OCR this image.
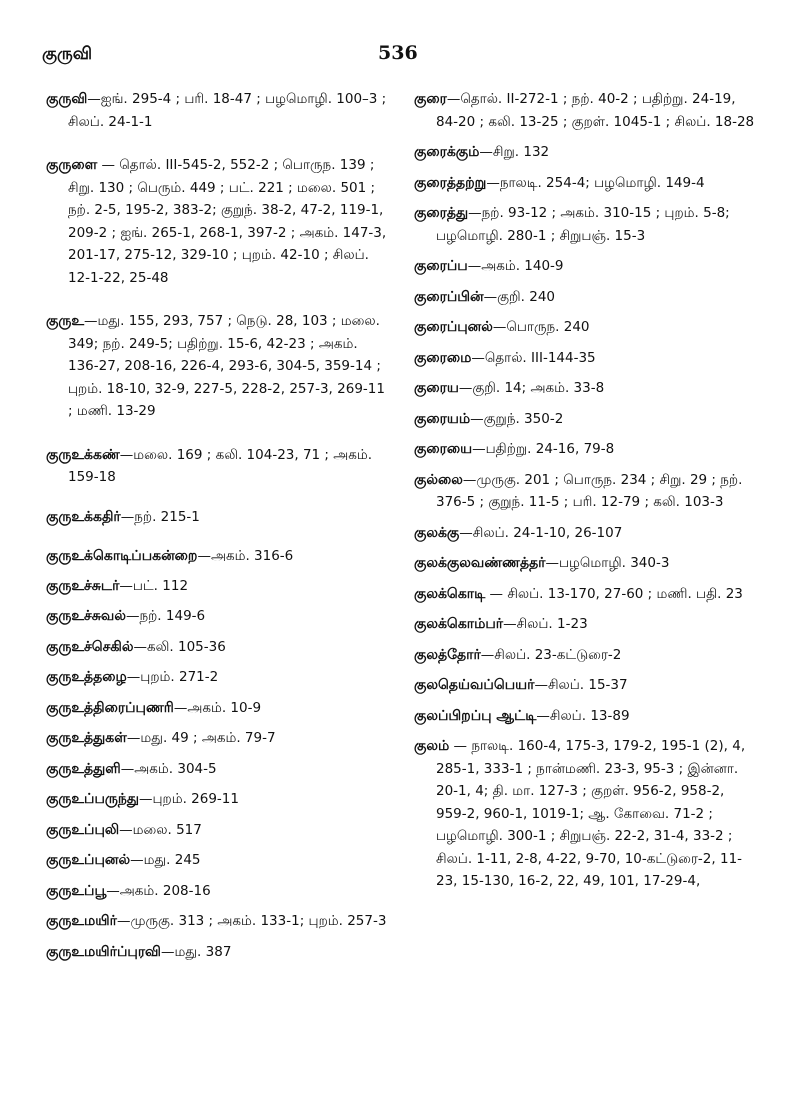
குருவி	536
குருவி—ஐங். 295-4 ; பரி. 18-47 ; பழமொழி. 100–3 ; சிலப். 24-1-1
குருளை — தொல். III-545-2, 552-2 ; பொருந. 139 ; சிறு. 130 ; பெரும். 449 ; பட். 221 ; மலை. 501 ; நற். 2-5, 195-2, 383-2; குறுந். 38-2, 47-2, 119-1, 209-2 ; ஐங். 265-1, 268-1, 397-2 ; அகம். 147-3, 201-17, 275-12, 329-10 ; புறம். 42-10 ; சிலப். 12-1-22, 25-48
குருஉ—மது. 155, 293, 757 ; நெடு. 28, 103 ; மலை. 349; நற். 249-5; பதிற்று. 15-6, 42-23 ; அகம். 136-27, 208-16, 226-4, 293-6, 304-5, 359-14 ; புறம். 18-10, 32-9, 227-5, 228-2, 257-3, 269-11 ; மணி. 13-29
குருஉக்கண்—மலை. 169 ; கலி. 104-23, 71 ; அகம். 159-18
குருஉக்கதிர்—நற். 215-1
குருஉக்கொடிப்பகன்றை—அகம். 316-6
குருஉச்சுடர்—பட். 112
குருஉச்சுவல்—நற். 149-6
குருஉச்செகில்—கலி. 105-36
குருஉத்தழை—புறம். 271-2
குருஉத்திரைப்புணரி—அகம். 10-9
குருஉத்துகள்—மது. 49 ; அகம். 79-7
குருஉத்துளி—அகம். 304-5
குருஉப்பருந்து—புறம். 269-11
குருஉப்புலி—மலை. 517
குருஉப்புனல்—மது. 245
குருஉப்பூ—அகம். 208-16
குருஉமயிர்—முருகு. 313 ; அகம். 133-1; புறம். 257-3
குருஉமயிர்ப்புரவி—மது. 387
குரை—தொல். II-272-1 ; நற். 40-2 ; பதிற்று. 24-19, 84-20 ; கலி. 13-25 ; குறள். 1045-1 ; சிலப். 18-28
குரைக்கும்—சிறு. 132
குரைத்தற்று—நாலடி. 254-4; பழமொழி. 149-4
குரைத்து—நற். 93-12 ; அகம். 310-15 ; புறம். 5-8; பழமொழி. 280-1 ; சிறுபஞ். 15-3
குரைப்ப—அகம். 140-9
குரைப்பின்—குறி. 240
குரைப்புனல்—பொருந. 240
குரைமை—தொல். III-144-35
குரைய—குறி. 14; அகம். 33-8
குரையம்—குறுந். 350-2
குரையை—பதிற்று. 24-16, 79-8
குல்லை—முருகு. 201 ; பொருந. 234 ; சிறு. 29 ; நற். 376-5 ; குறுந். 11-5 ; பரி. 12-79 ; கலி. 103-3
குலக்கு—சிலப். 24-1-10, 26-107
குலக்குலவண்ணத்தர்—பழமொழி. 340-3
குலக்கொடி — சிலப். 13-170, 27-60 ; மணி. பதி. 23
குலக்கொம்பர்—சிலப். 1-23
குலத்தோர்—சிலப். 23-கட்டுரை-2
குலதெய்வப்பெயர்—சிலப். 15-37
குலப்பிறப்பு ஆட்டி—சிலப். 13-89
குலம் — நாலடி. 160-4, 175-3, 179-2, 195-1 (2), 4, 285-1, 333-1 ; நான்மணி. 23-3, 95-3 ; இன்னா. 20-1, 4; தி. மா. 127-3 ; குறள். 956-2, 958-2, 959-2, 960-1, 1019-1; ஆ. கோவை. 71-2 ; பழமொழி. 300-1 ; சிறுபஞ். 22-2, 31-4, 33-2 ; சிலப். 1-11, 2-8, 4-22, 9-70, 10-கட்டுரை-2, 11-23, 15-130, 16-2, 22, 49, 101, 17-29-4,
